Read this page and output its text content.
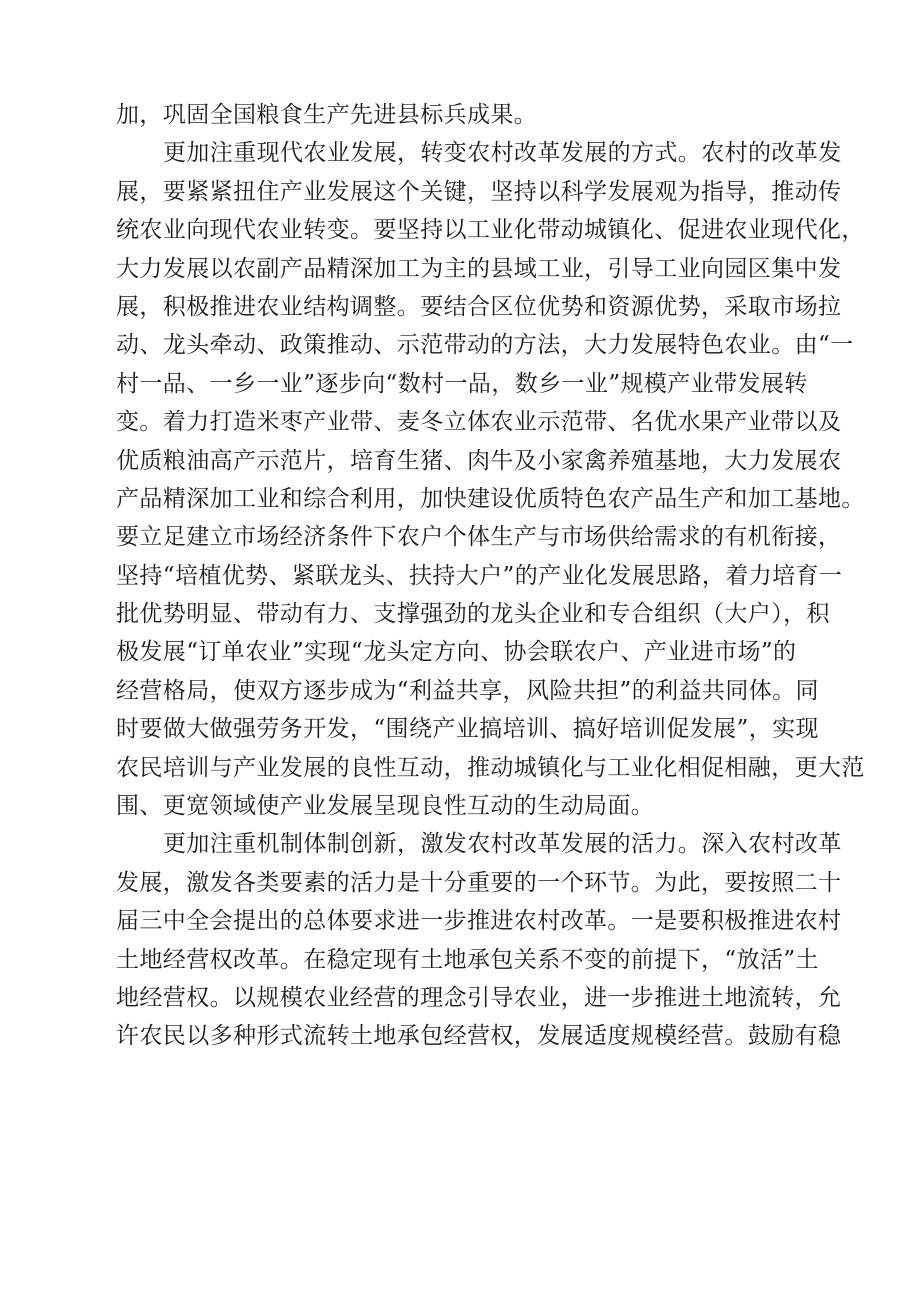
加，巩固全国粮食生产先进县标兵成果。
更加注重现代农业发展，转变农村改革发展的方式。农村的改革发
展，要紧紧扭住产业发展这个关键，坚持以科学发展观为指导，推动传
统农业向现代农业转变。要坚持以工业化带动城镇化、促进农业现代化，
大力发展以农副产品精深加工为主的县域工业，引导工业向园区集中发
展，积极推进农业结构调整。要结合区位优势和资源优势，采取市场拉
动、龙头牵动、政策推动、示范带动的方法，大力发展特色农业。由“一
村一品、一乡一业”逐步向“数村一品，数乡一业”规模产业带发展转
变。着力打造米枣产业带、麦冬立体农业示范带、名优水果产业带以及
优质粮油高产示范片，培育生猪、肉牛及小家禽养殖基地，大力发展农
产品精深加工业和综合利用，加快建设优质特色农产品生产和加工基地。
要立足建立市场经济条件下农户个体生产与市场供给需求的有机衔接，
坚持“培植优势、紧联龙头、扶持大户”的产业化发展思路，着力培育一
批优势明显、带动有力、支撑强劲的龙头企业和专合组织（大户），积
极发展“订单农业”实现“龙头定方向、协会联农户、产业进市场”的
经营格局，使双方逐步成为“利益共享，风险共担”的利益共同体。同
时要做大做强劳务开发，“围绕产业搞培训、搞好培训促发展”，实现
农民培训与产业发展的良性互动，推动城镇化与工业化相促相融，更大范
围、更宽领域使产业发展呈现良性互动的生动局面。
更加注重机制体制创新，激发农村改革发展的活力。深入农村改革
发展，激发各类要素的活力是十分重要的一个环节。为此，要按照二十
届三中全会提出的总体要求进一步推进农村改革。一是要积极推进农村
土地经营权改革。在稳定现有土地承包关系不变的前提下，“放活”土
地经营权。以规模农业经营的理念引导农业，进一步推进土地流转，允
许农民以多种形式流转土地承包经营权，发展适度规模经营。鼓励有稳
